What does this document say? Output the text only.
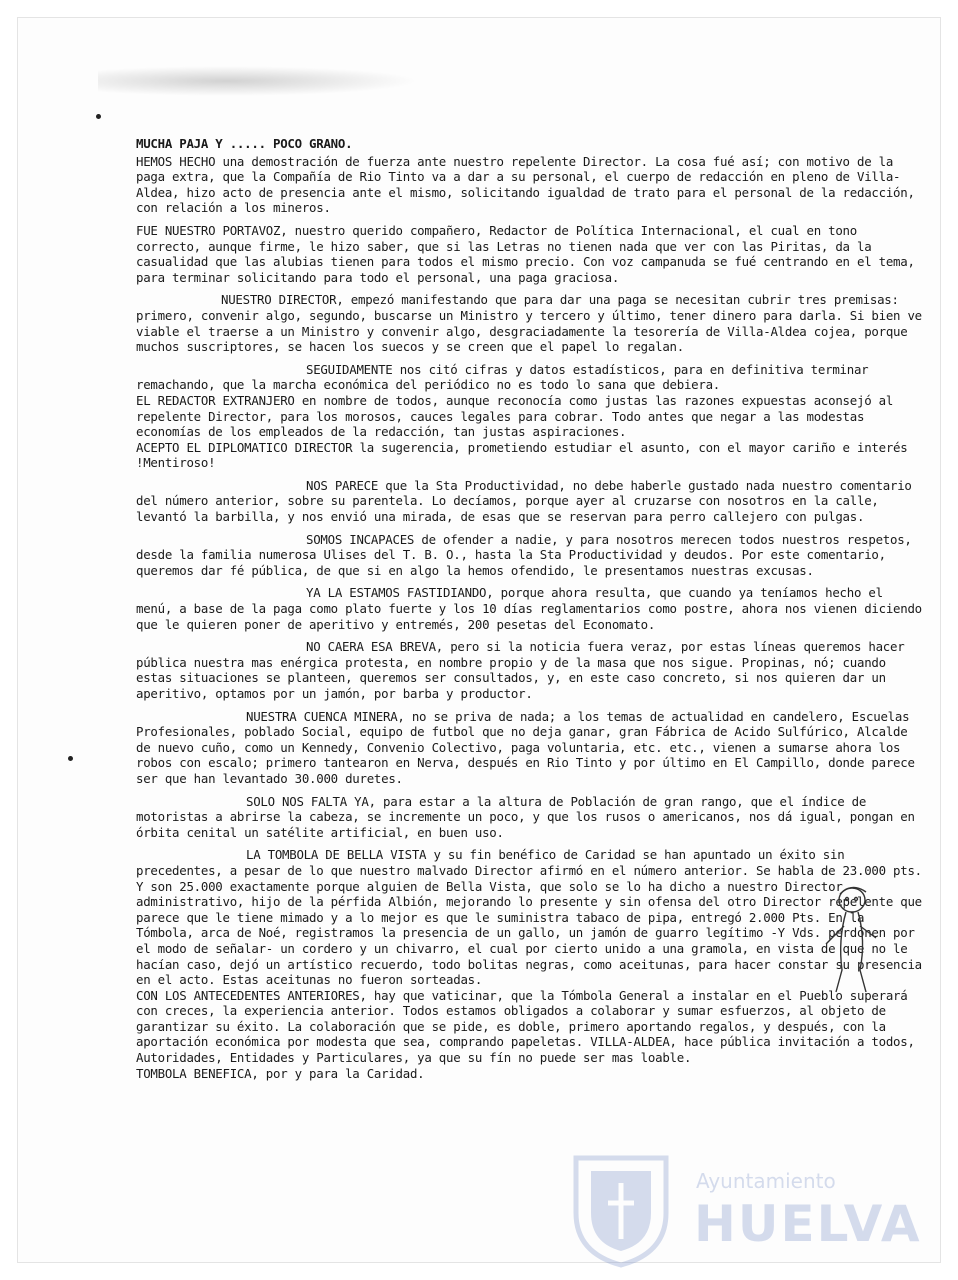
MUCHA PAJA Y ..... POCO GRANO.

HEMOS HECHO una demostración de fuerza ante nuestro repelente Director. La cosa fué así; con motivo de la paga extra, que la Compañía de Rio Tinto va a dar a su personal, el cuerpo de redacción en pleno de Villa-Aldea, hizo acto de presencia ante el mismo, solicitando igualdad de trato para el personal de la redacción, con relación a los mineros.

FUE NUESTRO PORTAVOZ, nuestro querido compañero, Redactor de Política Internacional, el cual en tono correcto, aunque firme, le hizo saber, que si las Letras no tienen nada que ver con las Piritas, da la casualidad que las alubias tienen para todos el mismo precio. Con voz campanuda se fué centrando en el tema, para terminar solicitando para todo el personal, una paga graciosa.

NUESTRO DIRECTOR, empezó manifestando que para dar una paga se necesitan cubrir tres premisas: primero, convenir algo, segundo, buscarse un Ministro y tercero y último, tener dinero para darla. Si bien ve viable el traerse a un Ministro y convenir algo, desgraciadamente la tesorería de Villa-Aldea cojea, porque muchos suscriptores, se hacen los suecos y se creen que el papel lo regalan.

SEGUIDAMENTE nos citó cifras y datos estadísticos, para en definitiva terminar remachando, que la marcha económica del periódico no es todo lo sana que debiera.

EL REDACTOR EXTRANJERO en nombre de todos, aunque reconocía como justas las razones expuestas aconsejó al repelente Director, para los morosos, cauces legales para cobrar. Todo antes que negar a las modestas economías de los empleados de la redacción, tan justas aspiraciones.

ACEPTO EL DIPLOMATICO DIRECTOR la sugerencia, prometiendo estudiar el asunto, con el mayor cariño e interés !Mentiroso!

NOS PARECE que la Sta Productividad, no debe haberle gustado nada nuestro comentario del número anterior, sobre su parentela. Lo decíamos, porque ayer al cruzarse con nosotros en la calle, levantó la barbilla, y nos envió una mirada, de esas que se reservan para perro callejero con pulgas.

SOMOS INCAPACES de ofender a nadie, y para nosotros merecen todos nuestros respetos, desde la familia numerosa Ulises del T. B. O., hasta la Sta Productividad y deudos. Por este comentario, queremos dar fé pública, de que si en algo la hemos ofendido, le presentamos nuestras excusas.

YA LA ESTAMOS FASTIDIANDO, porque ahora resulta, que cuando ya teníamos hecho el menú, a base de la paga como plato fuerte y los 10 días reglamentarios como postre, ahora nos vienen diciendo que le quieren poner de aperitivo y entremés, 200 pesetas del Economato.

NO CAERA ESA BREVA, pero si la noticia fuera veraz, por estas líneas queremos hacer pública nuestra mas enérgica protesta, en nombre propio y de la masa que nos sigue. Propinas, nó; cuando estas situaciones se planteen, queremos ser consultados, y, en este caso concreto, si nos quieren dar un aperitivo, optamos por un jamón, por barba y productor.

NUESTRA CUENCA MINERA, no se priva de nada; a los temas de actualidad en candelero, Escuelas Profesionales, poblado Social, equipo de futbol que no deja ganar, gran Fábrica de Acido Sulfúrico, Alcalde de nuevo cuño, como un Kennedy, Convenio Colectivo, paga voluntaria, etc. etc., vienen a sumarse ahora los robos con escalo; primero tantearon en Nerva, después en Rio Tinto y por último en El Campillo, donde parece ser que han levantado 30.000 duretes.

SOLO NOS FALTA YA, para estar a la altura de Población de gran rango, que el índice de motoristas a abrirse la cabeza, se incremente un poco, y que los rusos o americanos, nos dá igual, pongan en órbita cenital un satélite artificial, en buen uso.

LA TOMBOLA DE BELLA VISTA y su fin benéfico de Caridad se han apuntado un éxito sin precedentes, a pesar de lo que nuestro malvado Director afirmó en el número anterior. Se habla de 23.000 pts. Y son 25.000 exactamente porque alguien de Bella Vista, que solo se lo ha dicho a nuestro Director administrativo, hijo de la pérfida Albión, mejorando lo presente y sin ofensa del otro Director repelente que parece que le tiene mimado y a lo mejor es que le suministra tabaco de pipa, entregó 2.000 Pts. En la Tómbola, arca de Noé, registramos la presencia de un gallo, un jamón de guarro legítimo -Y Vds. perdonen por el modo de señalar- un cordero y un chivarro, el cual por cierto unido a una gramola, en vista de que no le hacían caso, dejó un artístico recuerdo, todo bolitas negras, como aceitunas, para hacer constar su presencia en el acto. Estas aceitunas no fueron sorteadas.

CON LOS ANTECEDENTES ANTERIORES, hay que vaticinar, que la Tómbola General a instalar en el Pueblo superará con creces, la experiencia anterior. Todos estamos obligados a colaborar y sumar esfuerzos, al objeto de garantizar su éxito. La colaboración que se pide, es doble, primero aportando regalos, y después, con la aportación económica por modesta que sea, comprando papeletas. VILLA-ALDEA, hace pública invitación a todos, Autoridades, Entidades y Particulares, ya que su fín no puede ser mas loable.

TOMBOLA BENEFICA, por y para la Caridad.

Ayuntamiento
HUELVA
